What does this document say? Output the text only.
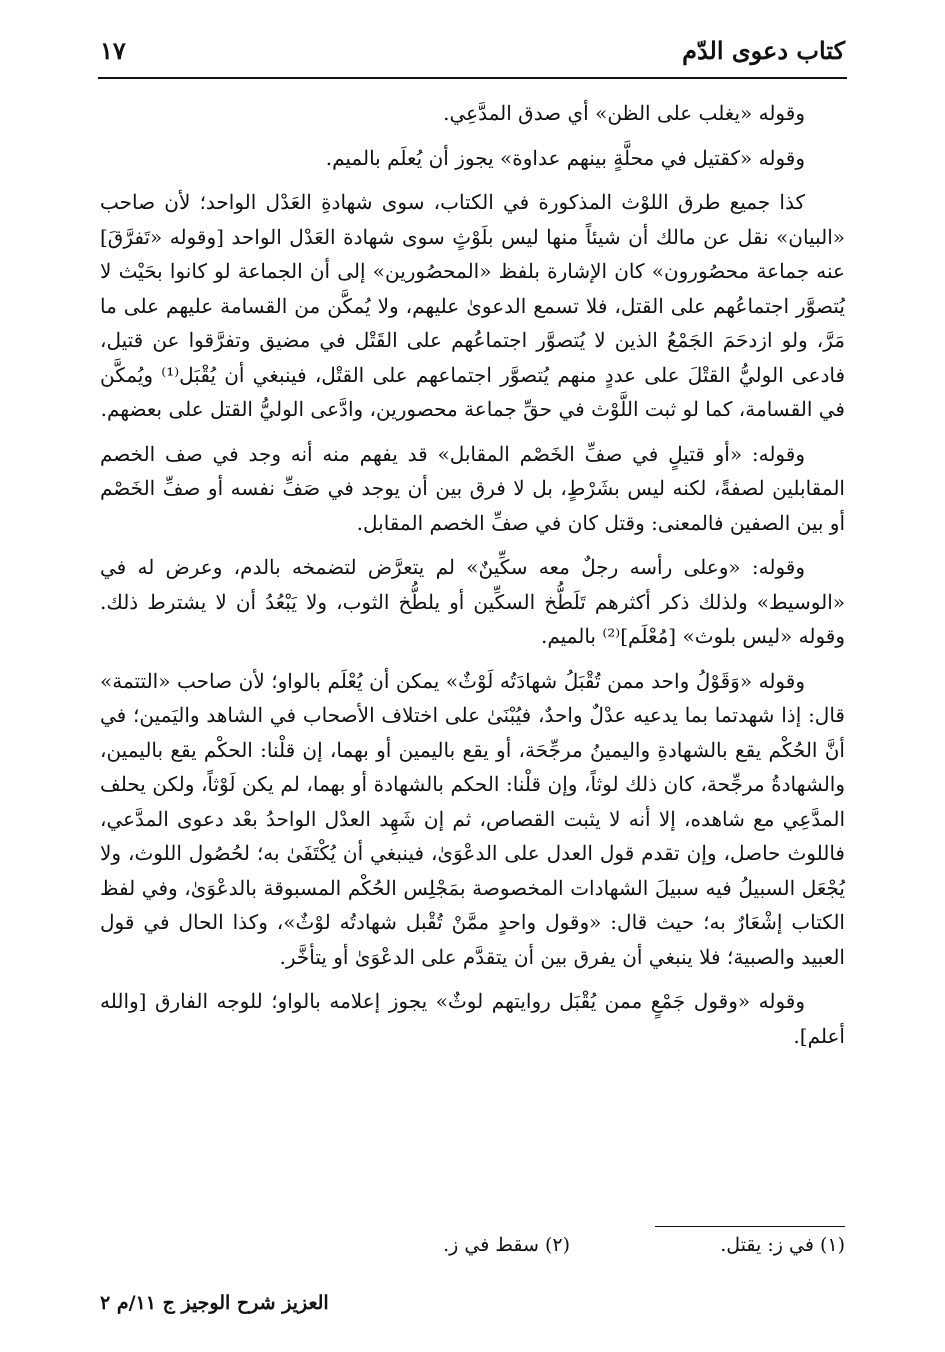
كتاب دعوى الدّم
١٧

وقوله «يغلب على الظن» أي صدق المدَّعِي.

وقوله «كقتيل في محلَّةٍ بينهم عداوة» يجوز أن يُعلَم بالميم.

كذا جميع طرق اللوْث المذكورة في الكتاب، سوى شهادةِ العَدْل الواحد؛ لأن صاحب «البيان» نقل عن مالك أن شيئاً منها ليس بلَوْثٍ سوى شهادة العَدْل الواحد [وقوله «تَفرَّقَ] عنه جماعة محصُورون» كان الإشارة بلفظ «المحصُورين» إلى أن الجماعة لو كانوا بحَيْث لا يُتصوَّر اجتماعُهم على القتل، فلا تسمع الدعوىٰ عليهم، ولا يُمكَّن من القسامة عليهم على ما مَرَّ، ولو ازدحَمَ الجَمْعُ الذين لا يُتصوَّر اجتماعُهم على القَتْل في مضيق وتفرَّقوا عن قتيل، فادعى الوليُّ القتْلَ على عددٍ منهم يُتصوَّر اجتماعهم على القتْل، فينبغي أن يُقْبَل⁽¹⁾ ويُمكَّن في القسامة، كما لو ثبت اللَّوْث في حقِّ جماعة محصورين، وادَّعى الوليُّ القتل على بعضهم.

وقوله: «أو قتيلٍ في صفِّ الخَصْم المقابل» قد يفهم منه أنه وجد في صف الخصم المقابلين لصفةً، لكنه ليس بشَرْطٍ، بل لا فرق بين أن يوجد في صَفِّ نفسه أو صفِّ الخَصْم أو بين الصفين فالمعنى: وقتل كان في صفِّ الخصم المقابل.

وقوله: «وعلى رأسه رجلٌ معه سكِّينٌ» لم يتعرَّض لتضمخه بالدم، وعرض له في «الوسيط» ولذلك ذكر أكثرهم تَلَطُّخ السكِّين أو يلطُّخ الثوب، ولا يَبْعُدُ أن لا يشترط ذلك. وقوله «ليس بلوث» [مُعْلَم]⁽²⁾ بالميم.

وقوله «وَقَوْلُ واحد ممن تُقْبَلُ شهادَتُه لَوْثٌ» يمكن أن يُعْلَم بالواو؛ لأن صاحب «التتمة» قال: إذا شهدتما بما يدعيه عدْلٌ واحدٌ، فيُبْنَىٰ على اختلاف الأصحاب في الشاهد واليَمين؛ في أنَّ الحُكْم يقع بالشهادةِ واليمينُ مرجِّحَة، أو يقع باليمين أو بهما، إن قلْنا: الحكْم يقع باليمين، والشهادةُ مرجِّحة، كان ذلك لوثاً، وإن قلْنا: الحكم بالشهادة أو بهما، لم يكن لَوْثاً، ولكن يحلف المدَّعِي مع شاهده، إلا أنه لا يثبت القصاص، ثم إن شَهِد العدْل الواحدُ بعْد دعوى المدَّعي، فاللوث حاصل، وإن تقدم قول العدل على الدعْوَىٰ، فينبغي أن يُكْتَفَىٰ به؛ لحُصُول اللوث، ولا يُجْعَل السبيلُ فيه سبيلَ الشهادات المخصوصة بمَجْلِس الحُكْم المسبوقة بالدعْوَىٰ، وفي لفظ الكتاب إشْعَارٌ به؛ حيث قال: «وقول واحدٍ ممَّنْ تُقْبل شهادتُه لوْثٌ»، وكذا الحال في قول العبيد والصبية؛ فلا ينبغي أن يفرق بين أن يتقدَّم على الدعْوَىٰ أو يتأخَّر.

وقوله «وقول جَمْعٍ ممن يُقْبَل روايتهم لوثٌ» يجوز إعلامه بالواو؛ للوجه الفارق [والله أعلم].

(١) في ز: يقتل.
(٢) سقط في ز.
العزيز شرح الوجيز ج ١١/م ٢
